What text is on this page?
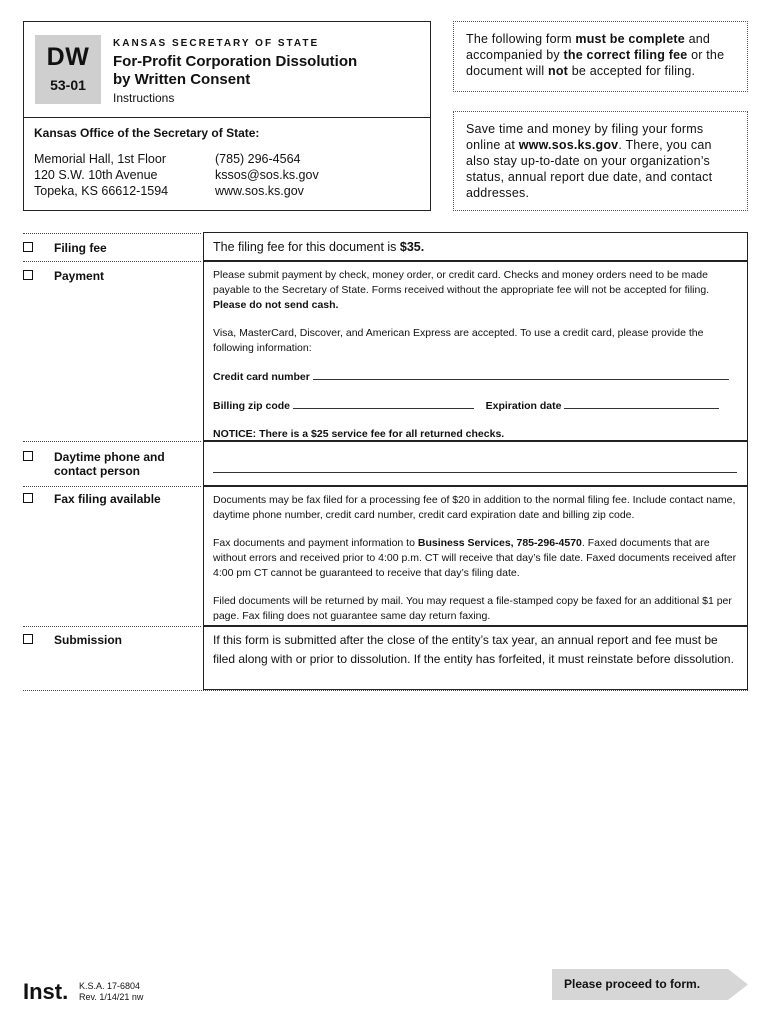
DW
53-01
KANSAS SECRETARY OF STATE
For-Profit Corporation Dissolution
by Written Consent
Instructions
Kansas Office of the Secretary of State:
Memorial Hall, 1st Floor
120 S.W. 10th Avenue
Topeka, KS 66612-1594
(785) 296-4564
kssos@sos.ks.gov
www.sos.ks.gov
The following form must be complete and accompanied by the correct filing fee or the document will not be accepted for filing.
Save time and money by filing your forms online at www.sos.ks.gov. There, you can also stay up-to-date on your organization’s status, annual report due date, and contact addresses.
Filing fee
Payment
Daytime phone and
contact person
Fax filing available
Submission
The filing fee for this document is $35.

Please submit payment by check, money order, or credit card. Checks and money orders need to be made payable to the Secretary of State. Forms received without the appropriate fee will not be accepted for filing. Please do not send cash.

Visa, MasterCard, Discover, and American Express are accepted. To use a credit card, please provide the following information:

Credit card number

Billing zip code	Expiration date

NOTICE: There is a $25 service fee for all returned checks.

Documents may be fax filed for a processing fee of $20 in addition to the normal filing fee. Include contact name, daytime phone number, credit card number, credit card expiration date and billing zip code.

Fax documents and payment information to Business Services, 785-296-4570. Faxed documents that are without errors and received prior to 4:00 p.m. CT will receive that day’s file date. Faxed documents received after 4:00 pm CT cannot be guaranteed to receive that day’s filing date.

Filed documents will be returned by mail. You may request a file-stamped copy be faxed for an additional $1 per page. Fax filing does not guarantee same day return faxing.

If this form is submitted after the close of the entity’s tax year, an annual report and fee must be filed along with or prior to dissolution. If the entity has forfeited, it must reinstate before dissolution.
Inst. K.S.A. 17-6804
Rev. 1/14/21 nw
Please proceed to form.
